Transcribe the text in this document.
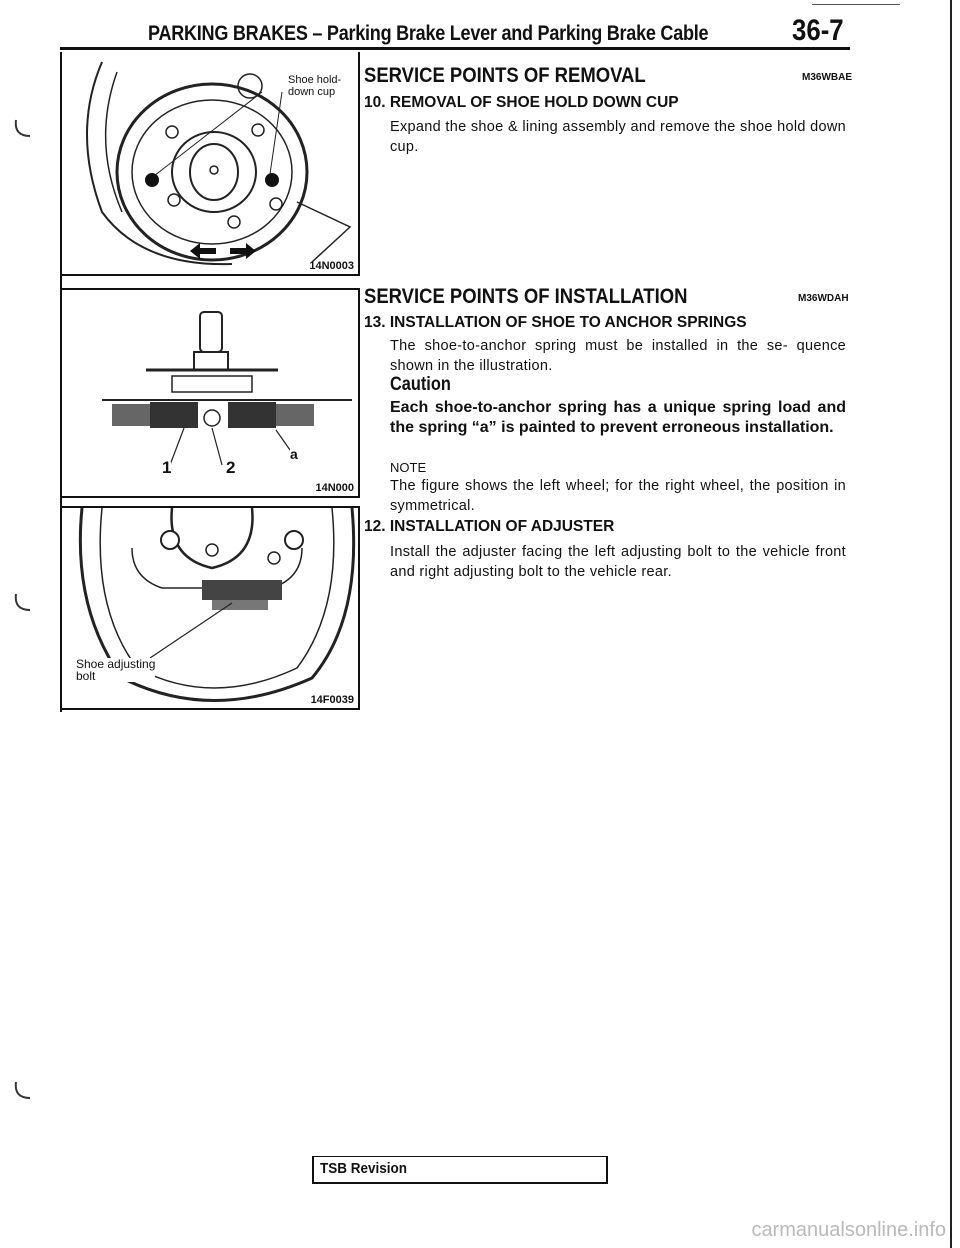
PARKING BRAKES – Parking Brake Lever and Parking Brake Cable	36-7
Shoe hold-
down cup
14N0003
1	2
a
14N000
Shoe adjusting
bolt
14F0039
SERVICE POINTS OF REMOVAL	M36WBAE
10. REMOVAL OF SHOE HOLD DOWN CUP
Expand the shoe & lining assembly and remove the shoe hold down cup.
SERVICE POINTS OF INSTALLATION	M36WDAH
13. INSTALLATION OF SHOE TO ANCHOR SPRINGS
The shoe-to-anchor spring must be installed in the se- quence shown in the illustration.
Caution
Each shoe-to-anchor spring has a unique spring load and the spring “a” is painted to prevent erroneous installation.
NOTE
The figure shows the left wheel; for the right wheel, the position in symmetrical.
12. INSTALLATION OF ADJUSTER
Install the adjuster facing the left adjusting bolt to the vehicle front and right adjusting bolt to the vehicle rear.
TSB Revision
carmanualsonline.info
